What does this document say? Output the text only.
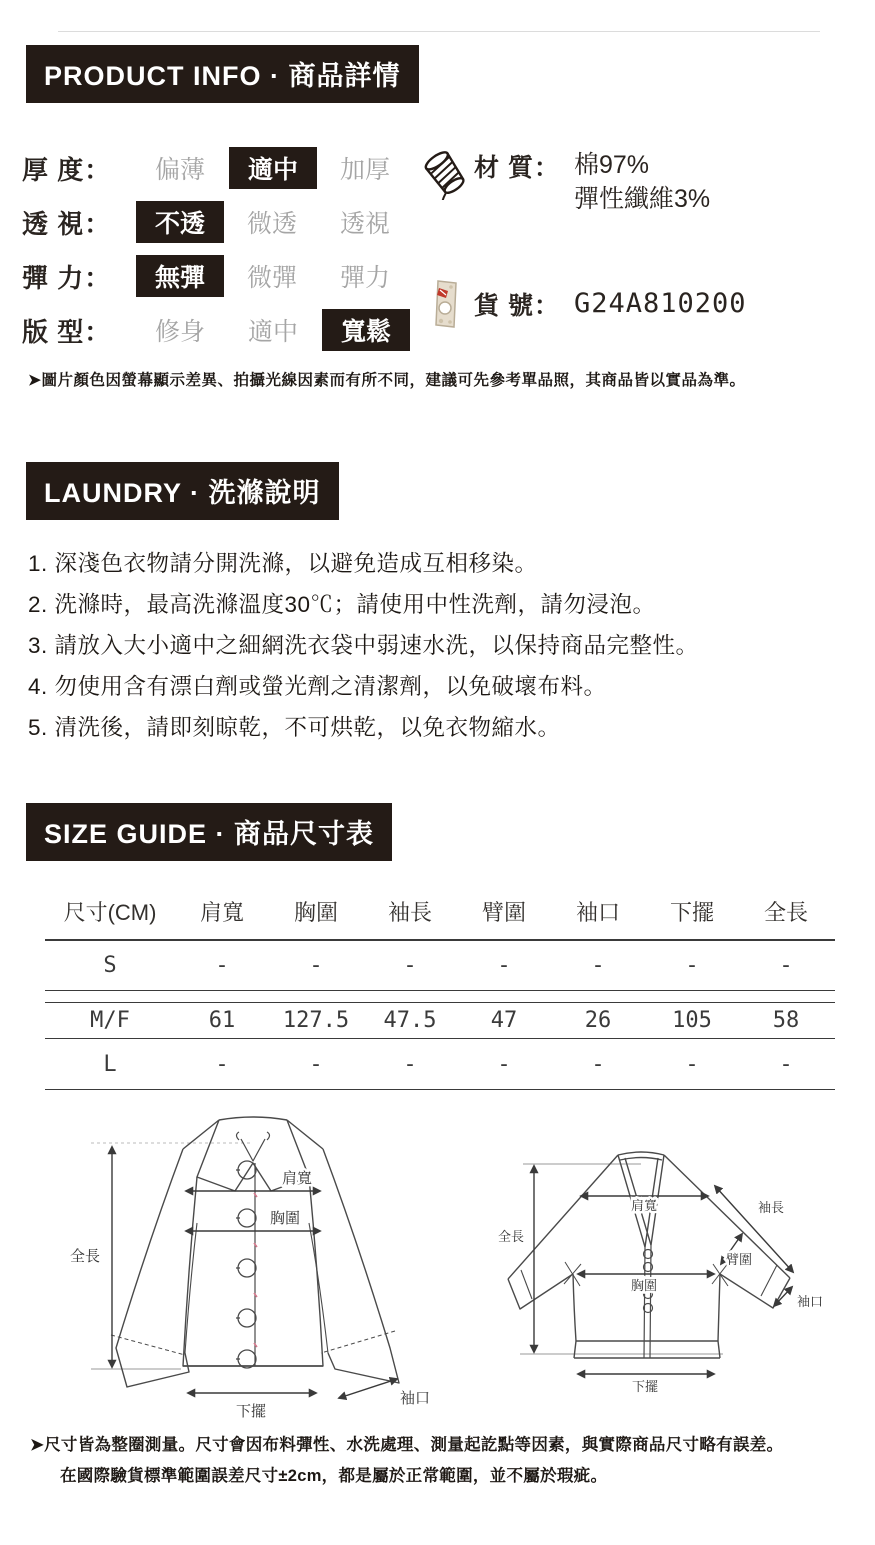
PRODUCT INFO · 商品詳情
厚 度：	偏薄	適中	加厚
透 視：	不透	微透	透視
彈 力：	無彈	微彈	彈力
版 型：	修身	適中	寬鬆
材 質： 棉97%
彈性纖維3%
貨 號： G24A810200
➤圖片顏色因螢幕顯示差異、拍攝光線因素而有所不同，建議可先參考單品照，其商品皆以實品為準。
LAUNDRY · 洗滌說明
1. 深淺色衣物請分開洗滌，以避免造成互相移染。
2. 洗滌時，最高洗滌溫度30℃；請使用中性洗劑，請勿浸泡。
3. 請放入大小適中之細網洗衣袋中弱速水洗，以保持商品完整性。
4. 勿使用含有漂白劑或螢光劑之清潔劑，以免破壞布料。
5. 清洗後，請即刻晾乾，不可烘乾，以免衣物縮水。
SIZE GUIDE · 商品尺寸表
尺寸(CM)	肩寬	胸圍	袖長	臂圍	袖口	下擺	全長
S	-	-	-	-	-	-	-
M/F	61	127.5	47.5	47	26	105	58
L	-	-	-	-	-	-	-
全長
肩寬
胸圍
下擺
袖口
全長
肩寬	袖長
臂圍
胸圍
袖口
下擺
➤尺寸皆為整圈測量。尺寸會因布料彈性、水洗處理、測量起訖點等因素，與實際商品尺寸略有誤差。
在國際驗貨標準範圍誤差尺寸±2cm，都是屬於正常範圍，並不屬於瑕疵。
